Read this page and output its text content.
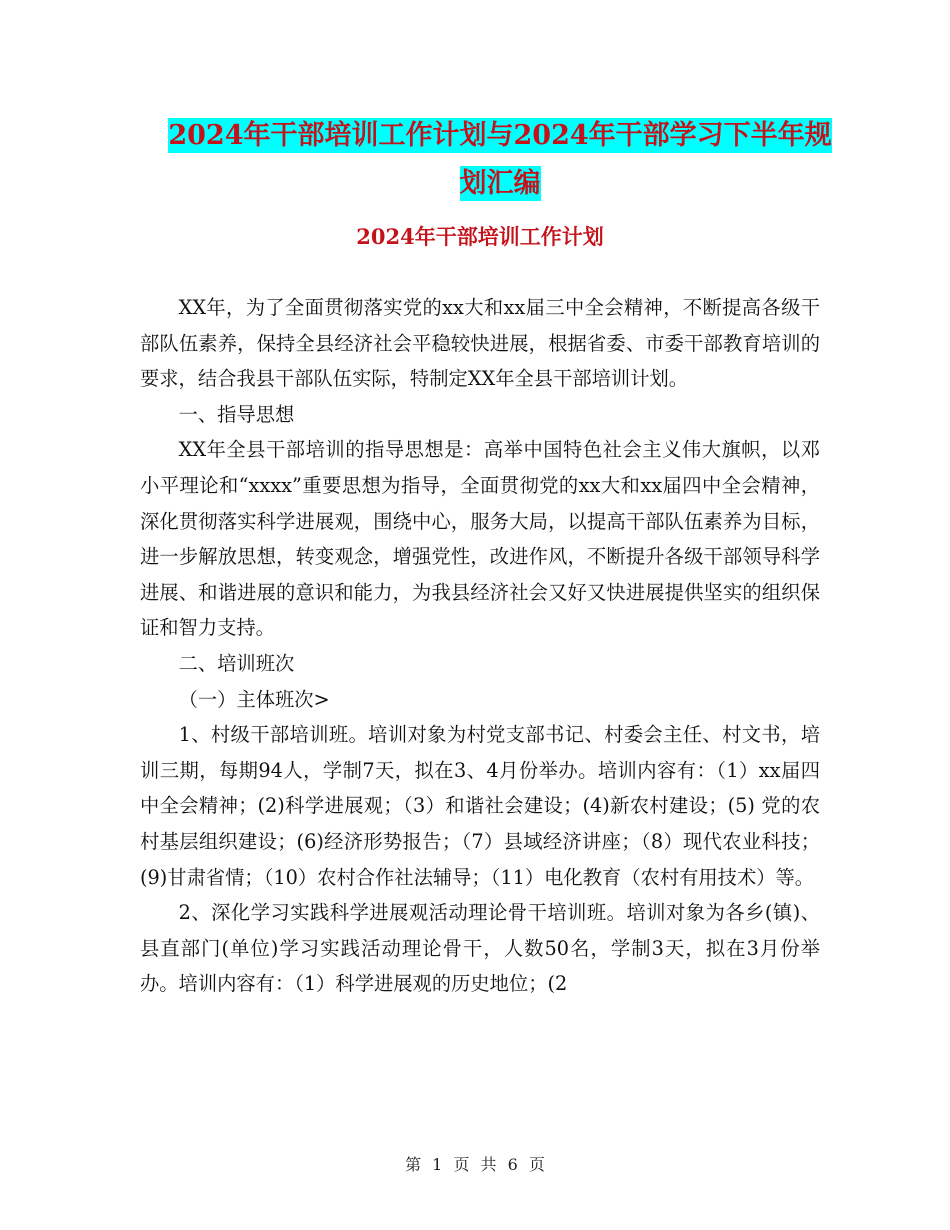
2024年干部培训工作计划与2024年干部学习下半年规
划汇编
2024年干部培训工作计划

XX年，为了全面贯彻落实党的xx大和xx届三中全会精神，不断提高各级干部队伍素养，保持全县经济社会平稳较快进展，根据省委、市委干部教育培训的要求，结合我县干部队伍实际，特制定XX年全县干部培训计划。

一、指导思想

XX年全县干部培训的指导思想是：高举中国特色社会主义伟大旗帜，以邓小平理论和“xxxx”重要思想为指导，全面贯彻党的xx大和xx届四中全会精神，深化贯彻落实科学进展观，围绕中心，服务大局，以提高干部队伍素养为目标，进一步解放思想，转变观念，增强党性，改进作风，不断提升各级干部领导科学进展、和谐进展的意识和能力，为我县经济社会又好又快进展提供坚实的组织保证和智力支持。

二、培训班次

（一）主体班次>

1、村级干部培训班。培训对象为村党支部书记、村委会主任、村文书，培训三期，每期94人，学制7天，拟在3、4月份举办。培训内容有：（1）xx届四中全会精神；(2)科学进展观；（3）和谐社会建设；(4)新农村建设；(5) 党的农村基层组织建设；(6)经济形势报告；（7）县域经济讲座；（8）现代农业科技；(9)甘肃省情；（10）农村合作社法辅导；（11）电化教育（农村有用技术）等。

2、深化学习实践科学进展观活动理论骨干培训班。培训对象为各乡(镇)、县直部门(单位)学习实践活动理论骨干，人数50名，学制3天，拟在3月份举办。培训内容有：（1）科学进展观的历史地位；(2

第 1 页 共 6 页
